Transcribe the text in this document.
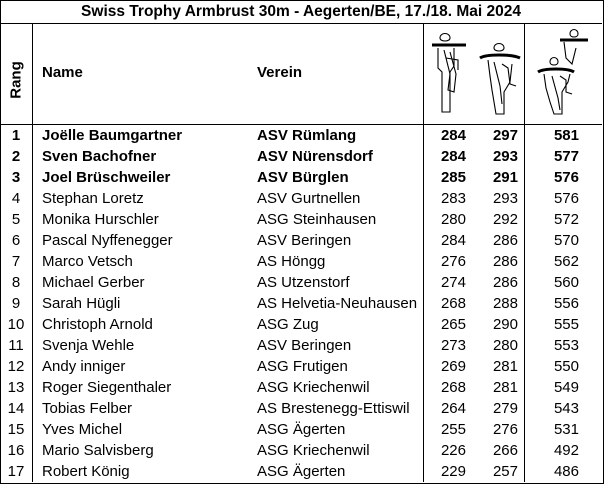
Swiss Trophy Armbrust 30m - Aegerten/BE, 17./18. Mai 2024
Rang Name	Verein
1	Joëlle Baumgartner	ASV Rümlang	284	297	581
2	Sven Bachofner	ASV Nürensdorf	284	293	577
3	Joel Brüschweiler	ASV Bürglen	285	291	576
4	Stephan Loretz	ASV Gurtnellen	283	293	576
5	Monika Hurschler	ASG Steinhausen	280	292	572
6	Pascal Nyffenegger	ASV Beringen	284	286	570
7	Marco Vetsch	AS Höngg	276	286	562
8	Michael Gerber	AS Utzenstorf	274	286	560
9	Sarah Hügli	AS Helvetia-Neuhausen	268	288	556
10	Christoph Arnold	ASG Zug	265	290	555
11	Svenja Wehle	ASV Beringen	273	280	553
12	Andy inniger	ASG Frutigen	269	281	550
13	Roger Siegenthaler	ASG Kriechenwil	268	281	549
14	Tobias Felber	AS Brestenegg-Ettiswil	264	279	543
15	Yves Michel	ASG Ägerten	255	276	531
16	Mario Salvisberg	ASG Kriechenwil	226	266	492
17	Robert König	ASG Ägerten	229	257	486
